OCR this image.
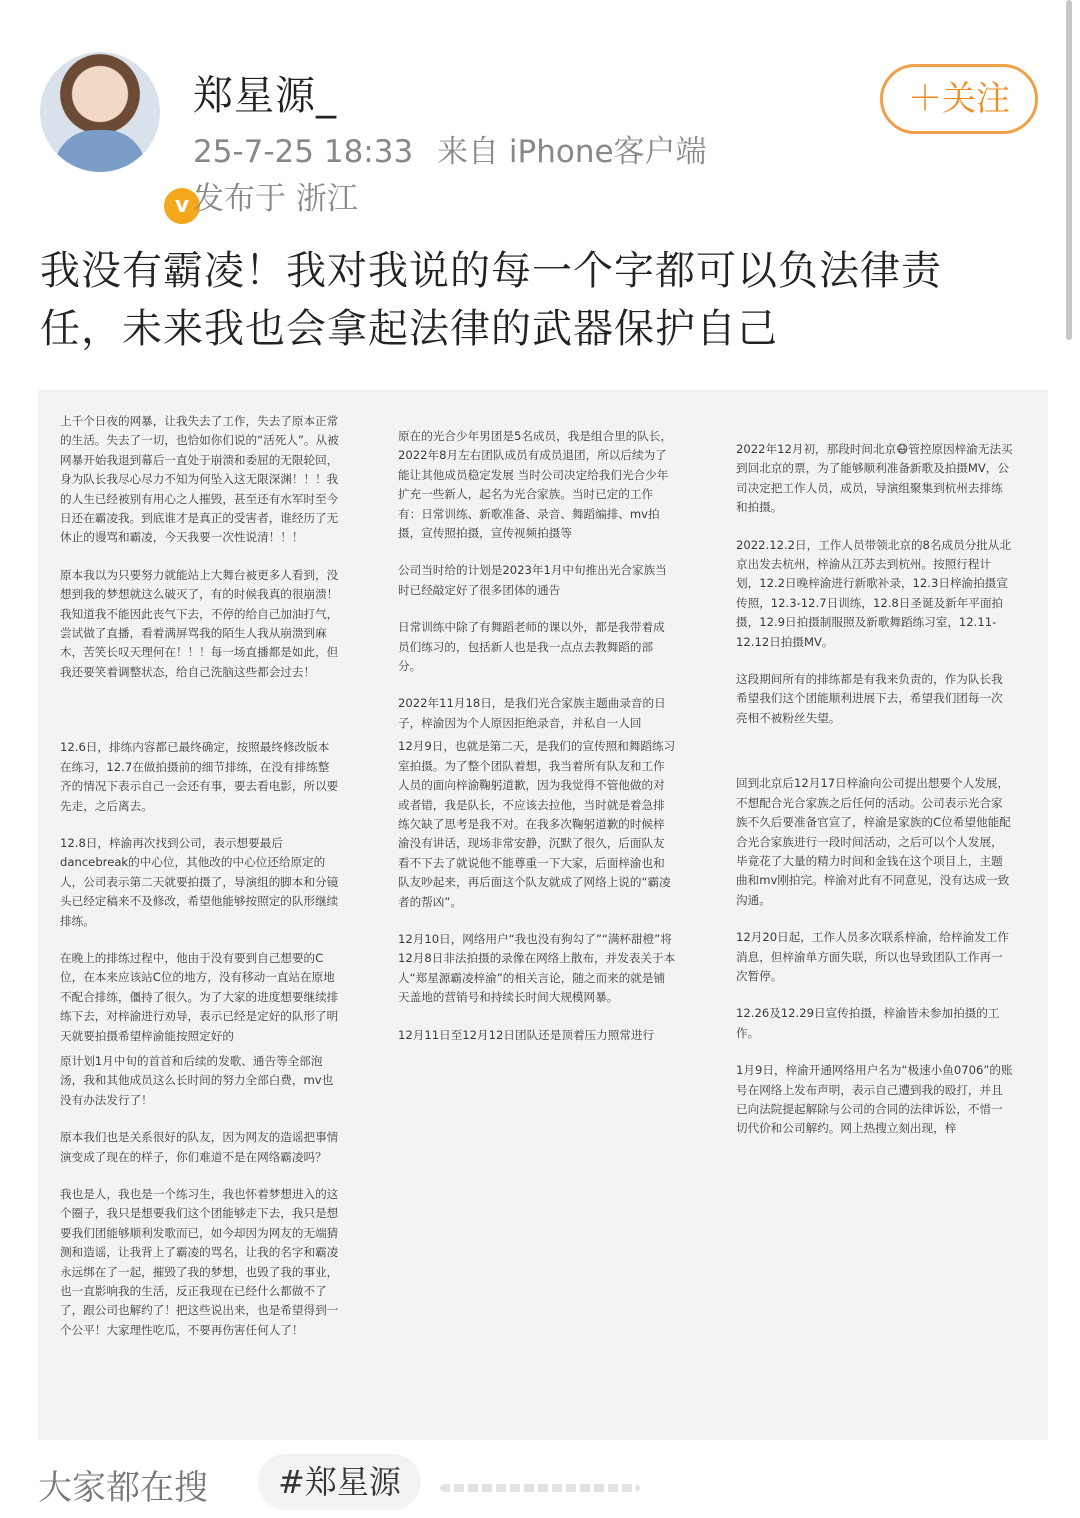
v
郑星源_
25-7-25 18:33 来自 iPhone客户端
发布于 浙江
＋关注
我没有霸凌！我对我说的每一个字都可以负法律责任，未来我也会拿起法律的武器保护自己

上千个日夜的网暴，让我失去了工作，失去了原本正常的生活。失去了一切，也恰如你们说的“活死人”。从被网暴开始我退到幕后一直处于崩溃和委屈的无限轮回，身为队长我尽心尽力不知为何坠入这无限深渊！！！我的人生已经被别有用心之人摧毁，甚至还有水军时至今日还在霸凌我。到底谁才是真正的受害者，谁经历了无休止的谩骂和霸凌，今天我要一次性说清！！！

原本我以为只要努力就能站上大舞台被更多人看到，没想到我的梦想就这么破灭了，有的时候我真的很崩溃！我知道我不能因此丧气下去，不停的给自己加油打气，尝试做了直播，看着满屏骂我的陌生人我从崩溃到麻木，苦笑长叹天理何在！！！每一场直播都是如此，但我还要笑着调整状态，给自己洗脑这些都会过去！

12.6日，排练内容都已最终确定，按照最终修改版本在练习，12.7在做拍摄前的细节排练，在没有排练整齐的情况下表示自己一会还有事，要去看电影，所以要先走，之后离去。

12.8日，梓渝再次找到公司，表示想要最后dancebreak的中心位，其他改的中心位还给原定的人，公司表示第二天就要拍摄了，导演组的脚本和分镜头已经定稿来不及修改，希望他能够按照定的队形继续排练。

在晚上的排练过程中，他由于没有要到自己想要的C位，在本来应该站C位的地方，没有移动一直站在原地不配合排练，僵持了很久。为了大家的进度想要继续排练下去，对梓渝进行劝导，表示已经是定好的队形了明天就要拍摄希望梓渝能按照定好的

原计划1月中旬的首首和后续的发歌、通告等全部泡汤，我和其他成员这么长时间的努力全部白费，mv也没有办法发行了！

原本我们也是关系很好的队友，因为网友的造谣把事情演变成了现在的样子，你们难道不是在网络霸凌吗？

我也是人，我也是一个练习生，我也怀着梦想进入的这个圈子，我只是想要我们这个团能够走下去，我只是想要我们团能够顺利发歌而已，如今却因为网友的无端猜测和造谣，让我背上了霸凌的骂名，让我的名字和霸凌永远绑在了一起，摧毁了我的梦想，也毁了我的事业，也一直影响我的生活，反正我现在已经什么都做不了了，跟公司也解约了！把这些说出来，也是希望得到一个公平！大家理性吃瓜，不要再伤害任何人了！

原在的光合少年男团是5名成员，我是组合里的队长，2022年8月左右团队成员有成员退团，所以后续为了能让其他成员稳定发展 当时公司决定给我们光合少年扩充一些新人，起名为光合家族。当时已定的工作有：日常训练、新歌准备、录音、舞蹈编排、mv拍摄，宣传照拍摄，宣传视频拍摄等

公司当时给的计划是2023年1月中旬推出光合家族当时已经敲定好了很多团体的通告

日常训练中除了有舞蹈老师的课以外，都是我带着成员们练习的，包括新人也是我一点点去教舞蹈的部分。

2022年11月18日，是我们光合家族主题曲录音的日子，梓渝因为个人原因拒绝录音，并私自一人回

12月9日，也就是第二天，是我们的宣传照和舞蹈练习室拍摄。为了整个团队着想，我当着所有队友和工作人员的面向梓渝鞠躬道歉，因为我觉得不管他做的对或者错，我是队长，不应该去拉他，当时就是着急排练欠缺了思考是我不对。在我多次鞠躬道歉的时候梓渝没有讲话，现场非常安静，沉默了很久，后面队友看不下去了就说他不能尊重一下大家，后面梓渝也和队友吵起来，再后面这个队友就成了网络上说的“霸凌者的帮凶”。

12月10日，网络用户“我也没有狗勾了”“满杯甜橙”将12月8日非法拍摄的录像在网络上散布，并发表关于本人“郑星源霸凌梓渝”的相关言论，随之而来的就是铺天盖地的营销号和持续长时间大规模网暴。

12月11日至12月12日团队还是顶着压力照常进行

2022年12月初，那段时间北京😷管控原因梓渝无法买到回北京的票，为了能够顺利准备新歌及拍摄MV，公司决定把工作人员，成员，导演组聚集到杭州去排练和拍摄。

2022.12.2日，工作人员带领北京的8名成员分批从北京出发去杭州，梓渝从江苏去到杭州。按照行程计划，12.2日晚梓渝进行新歌补录，12.3日梓渝拍摄宣传照，12.3-12.7日训练，12.8日圣诞及新年平面拍摄，12.9日拍摄制服照及新歌舞蹈练习室，12.11-12.12日拍摄MV。

这段期间所有的排练都是有我来负责的，作为队长我希望我们这个团能顺利进展下去，希望我们团每一次亮相不被粉丝失望。

回到北京后12月17日梓渝向公司提出想要个人发展，不想配合光合家族之后任何的活动。公司表示光合家族不久后要准备官宣了，梓渝是家族的C位希望他能配合光合家族进行一段时间活动，之后可以个人发展，毕竟花了大量的精力时间和金钱在这个项目上，主题曲和mv刚拍完。梓渝对此有不同意见，没有达成一致沟通。

12月20日起，工作人员多次联系梓渝，给梓渝发工作消息，但梓渝单方面失联，所以也导致团队工作再一次暂停。

12.26及12.29日宣传拍摄，梓渝皆未参加拍摄的工作。

1月9日，梓渝开通网络用户名为“极速小鱼0706”的账号在网络上发布声明，表示自己遭到我的殴打，并且已向法院提起解除与公司的合同的法律诉讼，不惜一切代价和公司解约。网上热搜立刻出现，梓

大家都在搜	#郑星源
